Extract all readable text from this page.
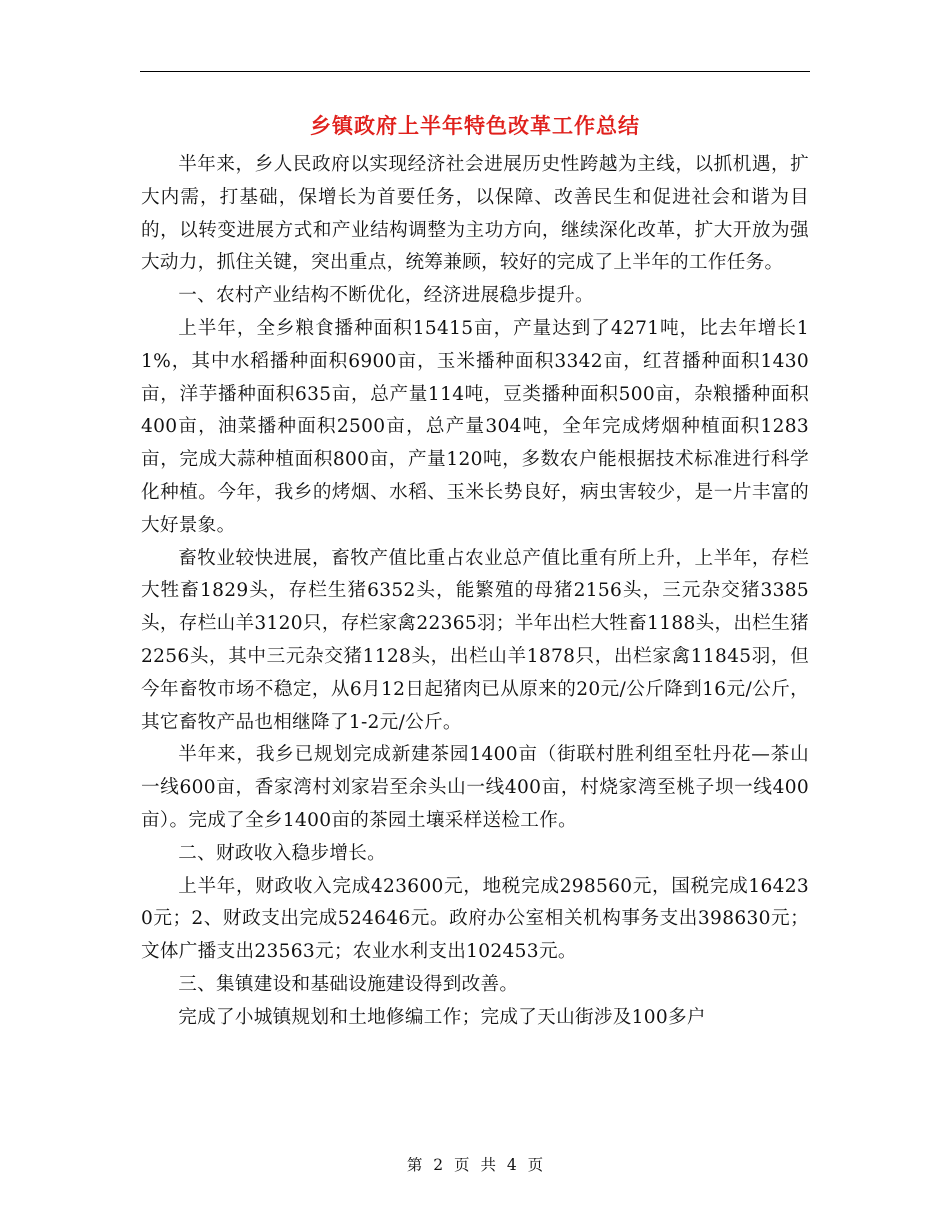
乡镇政府上半年特色改革工作总结

半年来，乡人民政府以实现经济社会进展历史性跨越为主线，以抓机遇，扩大内需，打基础，保增长为首要任务，以保障、改善民生和促进社会和谐为目的，以转变进展方式和产业结构调整为主功方向，继续深化改革，扩大开放为强大动力，抓住关键，突出重点，统筹兼顾，较好的完成了上半年的工作任务。

一、农村产业结构不断优化，经济进展稳步提升。

上半年，全乡粮食播种面积15415亩，产量达到了4271吨，比去年增长11%，其中水稻播种面积6900亩，玉米播种面积3342亩，红苕播种面积1430亩，洋芋播种面积635亩，总产量114吨，豆类播种面积500亩，杂粮播种面积400亩，油菜播种面积2500亩，总产量304吨，全年完成烤烟种植面积1283亩，完成大蒜种植面积800亩，产量120吨，多数农户能根据技术标准进行科学化种植。今年，我乡的烤烟、水稻、玉米长势良好，病虫害较少，是一片丰富的大好景象。

畜牧业较快进展，畜牧产值比重占农业总产值比重有所上升，上半年，存栏大牲畜1829头，存栏生猪6352头，能繁殖的母猪2156头，三元杂交猪3385头，存栏山羊3120只，存栏家禽22365羽；半年出栏大牲畜1188头，出栏生猪2256头，其中三元杂交猪1128头，出栏山羊1878只，出栏家禽11845羽，但今年畜牧市场不稳定，从6月12日起猪肉已从原来的20元/公斤降到16元/公斤，其它畜牧产品也相继降了1-2元/公斤。

半年来，我乡已规划完成新建茶园1400亩（街联村胜利组至牡丹花—茶山一线600亩，香家湾村刘家岩至余头山一线400亩，村烧家湾至桃子坝一线400亩）。完成了全乡1400亩的茶园土壤采样送检工作。

二、财政收入稳步增长。

上半年，财政收入完成423600元，地税完成298560元，国税完成164230元；2、财政支出完成524646元。政府办公室相关机构事务支出398630元；文体广播支出23563元；农业水利支出102453元。

三、集镇建设和基础设施建设得到改善。

完成了小城镇规划和土地修编工作；完成了天山街涉及100多户

第 2 页 共 4 页
